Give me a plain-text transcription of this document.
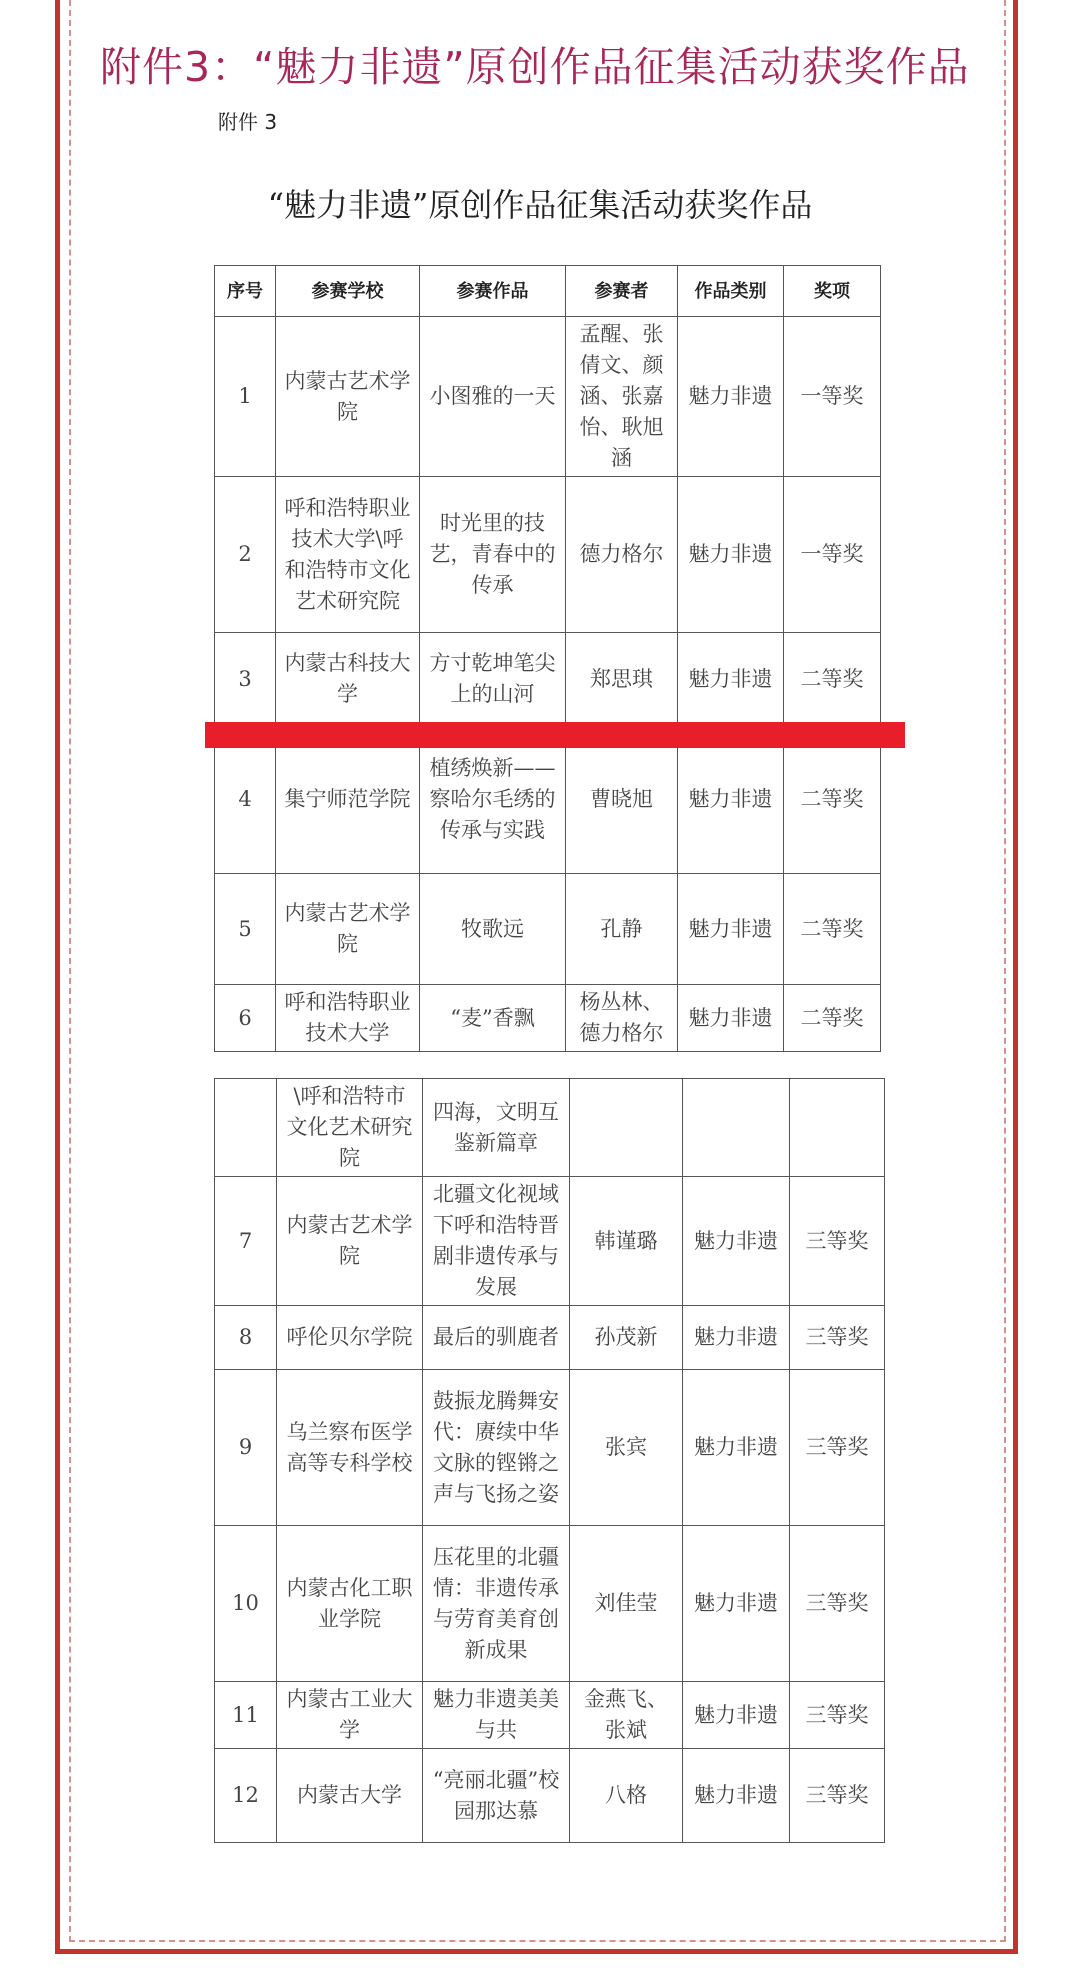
附件3：“魅力非遗”原创作品征集活动获奖作品
附件 3
“魅力非遗”原创作品征集活动获奖作品
序号	参赛学校	参赛作品	参赛者	作品类别	奖项
1	内蒙古艺术学院	小图雅的一天	孟醒、张倩文、颜涵、张嘉怡、耿旭涵	魅力非遗	一等奖
2	呼和浩特职业技术大学\呼和浩特市文化艺术研究院	时光里的技艺，青春中的传承	德力格尔	魅力非遗	一等奖
3	内蒙古科技大学	方寸乾坤笔尖上的山河	郑思琪	魅力非遗	二等奖
4	集宁师范学院	植绣焕新——察哈尔毛绣的传承与实践	曹晓旭	魅力非遗	二等奖
5	内蒙古艺术学院	牧歌远	孔静	魅力非遗	二等奖
6	呼和浩特职业技术大学	“麦”香飘	杨丛林、德力格尔	魅力非遗	二等奖
	\呼和浩特市文化艺术研究院	四海，文明互鉴新篇章			
7	内蒙古艺术学院	北疆文化视域下呼和浩特晋剧非遗传承与发展	韩谨璐	魅力非遗	三等奖
8	呼伦贝尔学院	最后的驯鹿者	孙茂新	魅力非遗	三等奖
9	乌兰察布医学高等专科学校	鼓振龙腾舞安代：赓续中华文脉的铿锵之声与飞扬之姿	张宾	魅力非遗	三等奖
10	内蒙古化工职业学院	压花里的北疆情：非遗传承与劳育美育创新成果	刘佳莹	魅力非遗	三等奖
11	内蒙古工业大学	魅力非遗美美与共	金燕飞、张斌	魅力非遗	三等奖
12	内蒙古大学	“亮丽北疆”校园那达慕	八格	魅力非遗	三等奖
